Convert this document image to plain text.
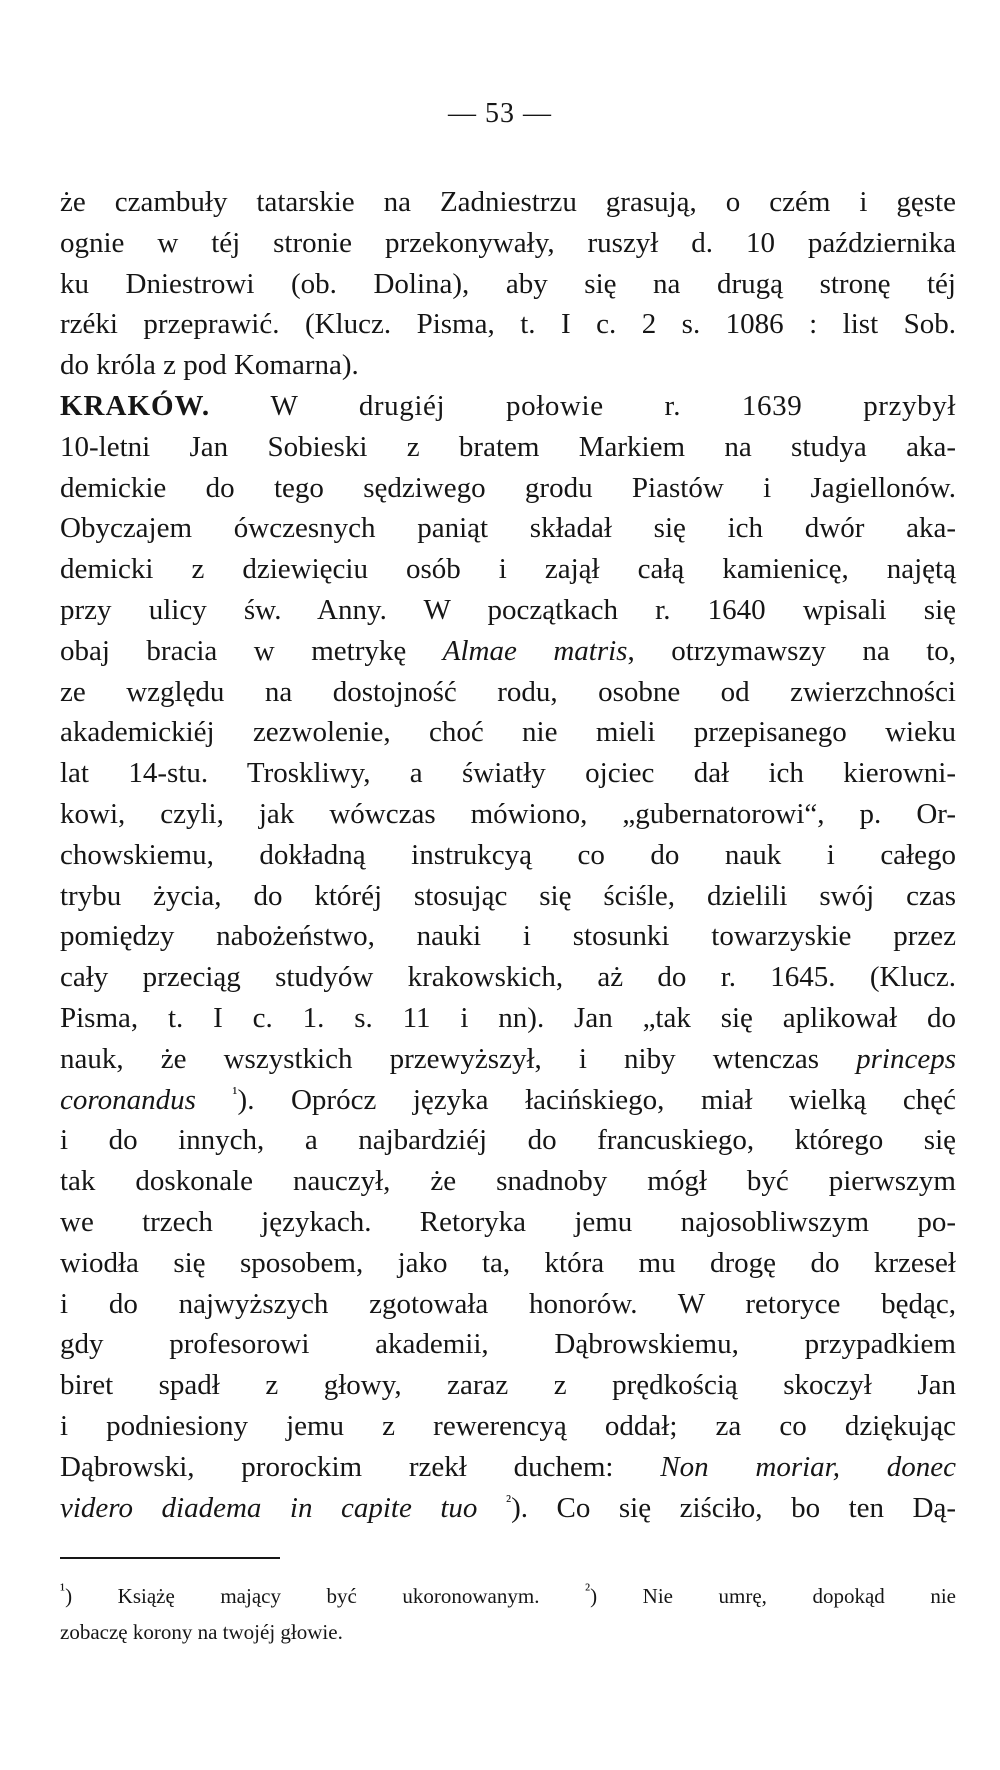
— 53 —
że czambuły tatarskie na Zadniestrzu grasują, o czém i gęste
ognie w téj stronie przekonywały, ruszył d. 10 października
ku Dniestrowi (ob. Dolina), aby się na drugą stronę téj
rzéki przeprawić. (Klucz. Pisma, t. I c. 2 s. 1086 : list Sob.
do króla z pod Komarna).
KRAKÓW. W drugiéj połowie r. 1639 przybył
10-letni Jan Sobieski z bratem Markiem na studya aka-
demickie do tego sędziwego grodu Piastów i Jagiellonów.
Obyczajem ówczesnych paniąt składał się ich dwór aka-
demicki z dziewięciu osób i zajął całą kamienicę, najętą
przy ulicy św. Anny. W początkach r. 1640 wpisali się
obaj bracia w metrykę Almae matris, otrzymawszy na to,
ze względu na dostojność rodu, osobne od zwierzchności
akademickiéj zezwolenie, choć nie mieli przepisanego wieku
lat 14-stu. Troskliwy, a światły ojciec dał ich kierowni-
kowi, czyli, jak wówczas mówiono, „gubernatorowi“, p. Or-
chowskiemu, dokładną instrukcyą co do nauk i całego
trybu życia, do któréj stosując się ściśle, dzielili swój czas
pomiędzy nabożeństwo, nauki i stosunki towarzyskie przez
cały przeciąg studyów krakowskich, aż do r. 1645. (Klucz.
Pisma, t. I c. 1. s. 11 i nn). Jan „tak się aplikował do
nauk, że wszystkich przewyższył, i niby wtenczas princeps
coronandus $^{^1}$). Oprócz języka łacińskiego, miał wielką chęć
i do innych, a najbardziéj do francuskiego, którego się
tak doskonale nauczył, że snadnoby mógł być pierwszym
we trzech językach. Retoryka jemu najosobliwszym po-
wiodła się sposobem, jako ta, która mu drogę do krzeseł
i do najwyższych zgotowała honorów. W retoryce będąc,
gdy profesorowi akademii, Dąbrowskiemu, przypadkiem
biret spadł z głowy, zaraz z prędkością skoczył Jan
i podniesiony jemu z rewerencyą oddał; za co dziękując
Dąbrowski, prorockim rzekł duchem: Non moriar, donec
videro diadema in capite tuo $^{^2}$). Co się ziściło, bo ten Dą-
$^{^1}$) Książę mający być ukoronowanym. $^{^2}$) Nie umrę, dopokąd nie
zobaczę korony na twojéj głowie.
